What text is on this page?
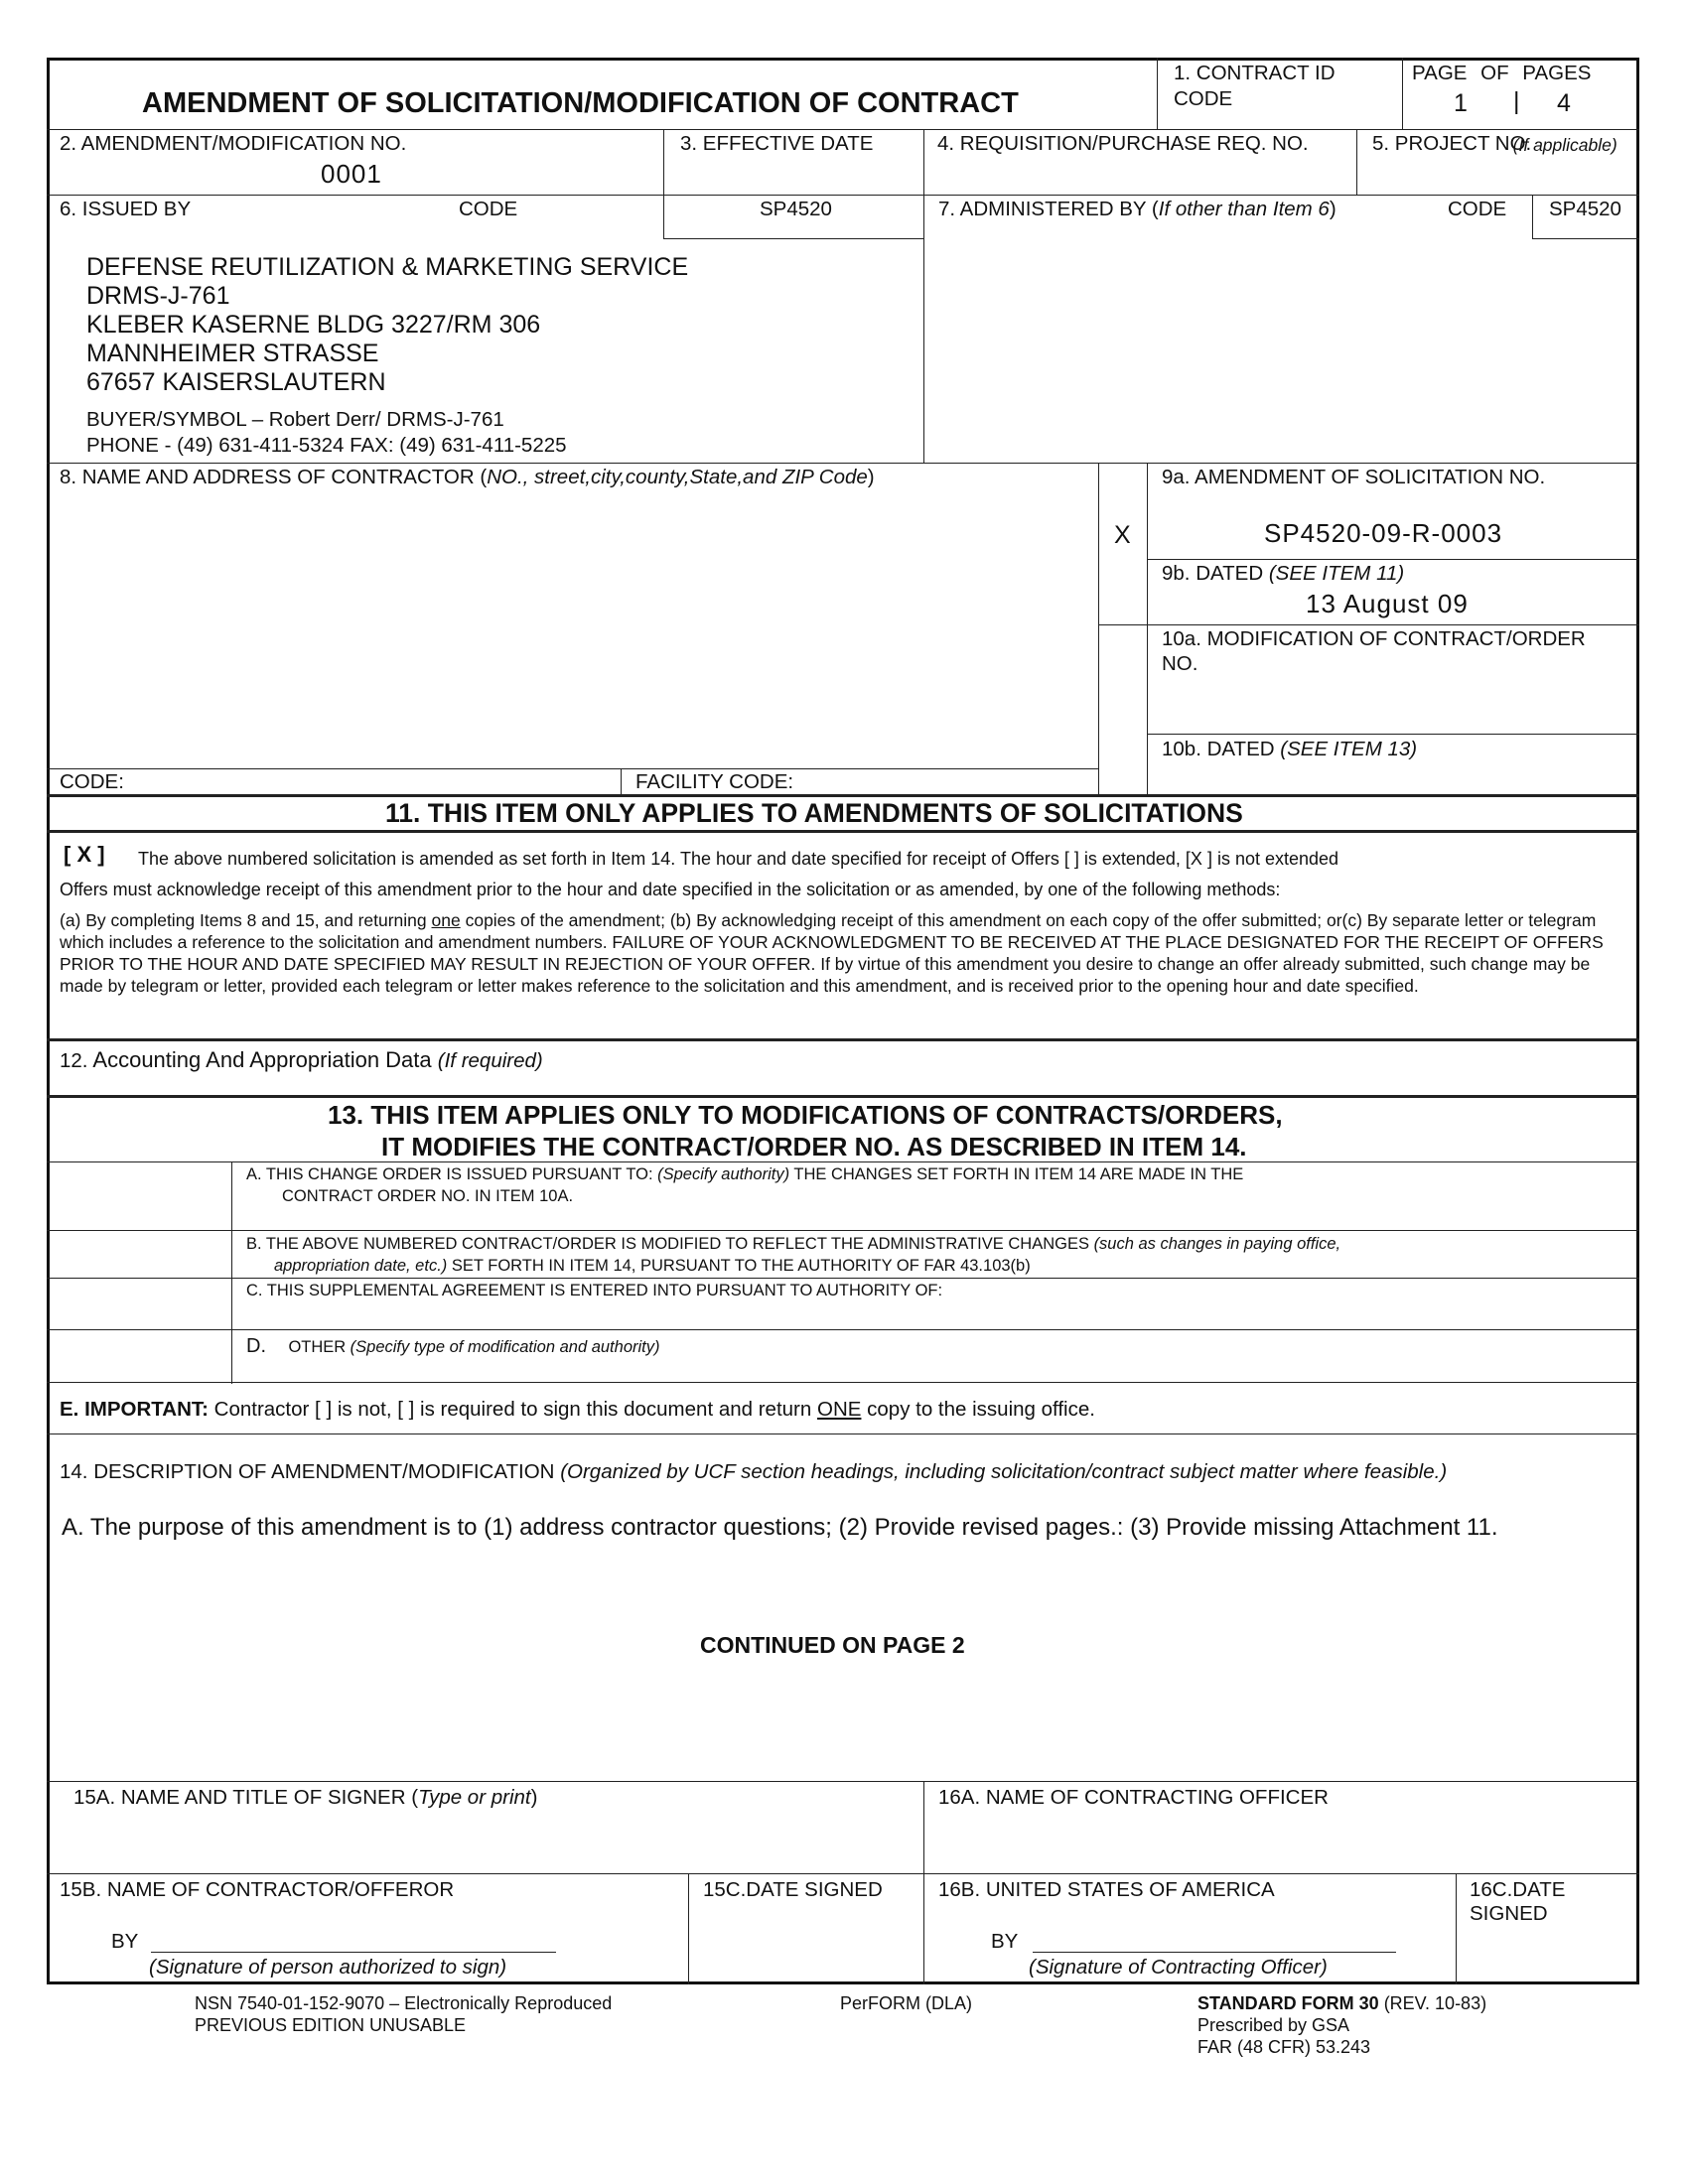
AMENDMENT OF SOLICITATION/MODIFICATION OF CONTRACT
1. CONTRACT ID
CODE
PAGE OF PAGES
1 | 4
2. AMENDMENT/MODIFICATION NO.
0001
3. EFFECTIVE DATE	4. REQUISITION/PURCHASE REQ. NO.	5. PROJECT NO.
(If applicable)
6. ISSUED BY	CODE	SP4520
DEFENSE REUTILIZATION & MARKETING SERVICE
DRMS-J-761
KLEBER KASERNE BLDG 3227/RM 306
MANNHEIMER STRASSE
67657 KAISERSLAUTERN
BUYER/SYMBOL – Robert Derr/ DRMS-J-761
PHONE - (49) 631-411-5324 FAX: (49) 631-411-5225
7. ADMINISTERED BY (If other than Item 6)	CODE SP4520
8. NAME AND ADDRESS OF CONTRACTOR (NO., street,city,county,State,and ZIP Code)
CODE:	FACILITY CODE:
X
9a. AMENDMENT OF SOLICITATION NO.
SP4520-09-R-0003
9b. DATED (SEE ITEM 11)
13 August 09
10a. MODIFICATION OF CONTRACT/ORDER
NO.
10b. DATED (SEE ITEM 13)
11. THIS ITEM ONLY APPLIES TO AMENDMENTS OF SOLICITATIONS
[ X ] The above numbered solicitation is amended as set forth in Item 14. The hour and date specified for receipt of Offers [ ] is extended, [X ] is not extended
Offers must acknowledge receipt of this amendment prior to the hour and date specified in the solicitation or as amended, by one of the following methods:
(a) By completing Items 8 and 15, and returning one copies of the amendment; (b) By acknowledging receipt of this amendment on each copy of the offer submitted; or(c) By separate letter or telegram which includes a reference to the solicitation and amendment numbers. FAILURE OF YOUR ACKNOWLEDGMENT TO BE RECEIVED AT THE PLACE DESIGNATED FOR THE RECEIPT OF OFFERS PRIOR TO THE HOUR AND DATE SPECIFIED MAY RESULT IN REJECTION OF YOUR OFFER. If by virtue of this amendment you desire to change an offer already submitted, such change may be made by telegram or letter, provided each telegram or letter makes reference to the solicitation and this amendment, and is received prior to the opening hour and date specified.
12. Accounting And Appropriation Data (If required)
13. THIS ITEM APPLIES ONLY TO MODIFICATIONS OF CONTRACTS/ORDERS,
IT MODIFIES THE CONTRACT/ORDER NO. AS DESCRIBED IN ITEM 14.
A. THIS CHANGE ORDER IS ISSUED PURSUANT TO: (Specify authority) THE CHANGES SET FORTH IN ITEM 14 ARE MADE IN THE
CONTRACT ORDER NO. IN ITEM 10A.
B. THE ABOVE NUMBERED CONTRACT/ORDER IS MODIFIED TO REFLECT THE ADMINISTRATIVE CHANGES (such as changes in paying office,
appropriation date, etc.) SET FORTH IN ITEM 14, PURSUANT TO THE AUTHORITY OF FAR 43.103(b)
C. THIS SUPPLEMENTAL AGREEMENT IS ENTERED INTO PURSUANT TO AUTHORITY OF:
D. OTHER (Specify type of modification and authority)
E. IMPORTANT: Contractor [ ] is not, [ ] is required to sign this document and return ONE copy to the issuing office.
14. DESCRIPTION OF AMENDMENT/MODIFICATION (Organized by UCF section headings, including solicitation/contract subject matter where feasible.)
A. The purpose of this amendment is to (1) address contractor questions; (2) Provide revised pages.: (3) Provide missing Attachment 11.
CONTINUED ON PAGE 2
15A. NAME AND TITLE OF SIGNER (Type or print)	16A. NAME OF CONTRACTING OFFICER
15B. NAME OF CONTRACTOR/OFFEROR	15C.DATE SIGNED	16B. UNITED STATES OF AMERICA	16C.DATE
SIGNED
BY
(Signature of person authorized to sign)
BY
(Signature of Contracting Officer)
NSN 7540-01-152-9070 – Electronically Reproduced
PREVIOUS EDITION UNUSABLE
PerFORM (DLA)	STANDARD FORM 30 (REV. 10-83)
Prescribed by GSA
FAR (48 CFR) 53.243
